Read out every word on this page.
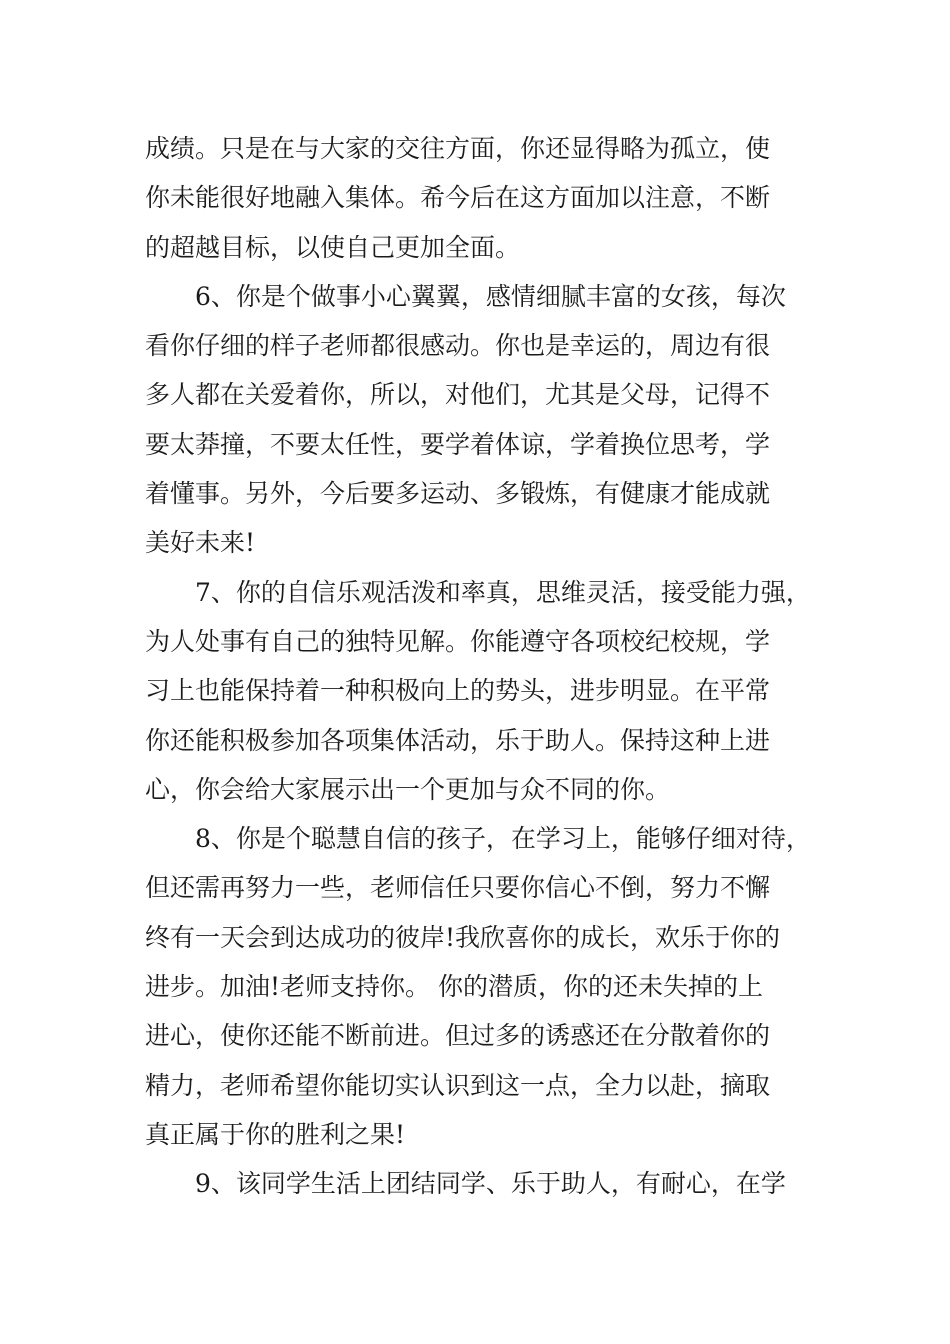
成绩。只是在与大家的交往方面，你还显得略为孤立，使
你未能很好地融入集体。希今后在这方面加以注意，不断
的超越目标，以使自己更加全面。
6、你是个做事小心翼翼，感情细腻丰富的女孩，每次
看你仔细的样子老师都很感动。你也是幸运的，周边有很
多人都在关爱着你，所以，对他们，尤其是父母，记得不
要太莽撞，不要太任性，要学着体谅，学着换位思考，学
着懂事。另外，今后要多运动、多锻炼，有健康才能成就
美好未来!
7、你的自信乐观活泼和率真，思维灵活，接受能力强，
为人处事有自己的独特见解。你能遵守各项校纪校规，学
习上也能保持着一种积极向上的势头，进步明显。在平常
你还能积极参加各项集体活动，乐于助人。保持这种上进
心，你会给大家展示出一个更加与众不同的你。
8、你是个聪慧自信的孩子，在学习上，能够仔细对待，
但还需再努力一些，老师信任只要你信心不倒，努力不懈
终有一天会到达成功的彼岸!我欣喜你的成长，欢乐于你的
进步。加油!老师支持你。 你的潜质，你的还未失掉的上
进心，使你还能不断前进。但过多的诱惑还在分散着你的
精力，老师希望你能切实认识到这一点，全力以赴，摘取
真正属于你的胜利之果!
9、该同学生活上团结同学、乐于助人，有耐心，在学
